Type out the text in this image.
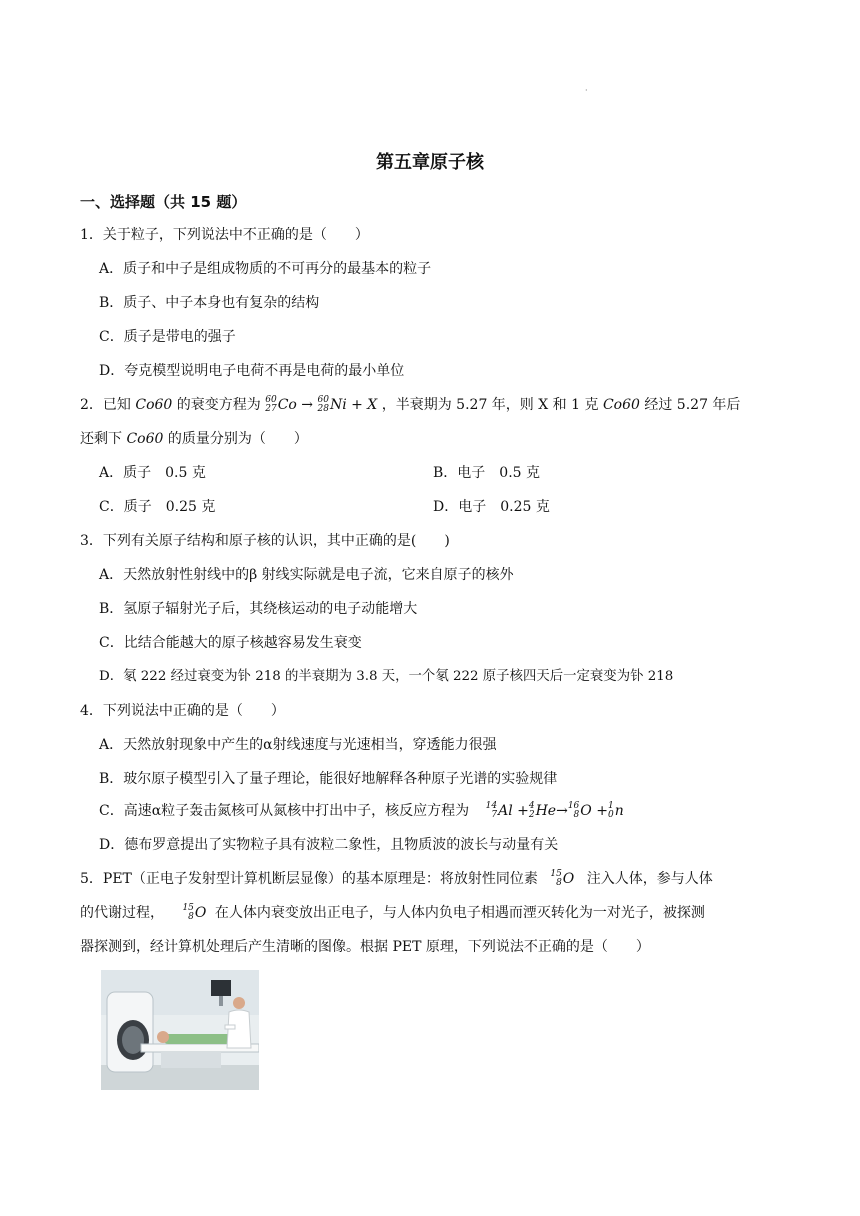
·
第五章原子核
一、选择题（共 15 题）
1．关于粒子，下列说法中不正确的是（　　）
A．质子和中子是组成物质的不可再分的最基本的粒子
B．质子、中子本身也有复杂的结构
C．质子是带电的强子
D．夸克模型说明电子电荷不再是电荷的最小单位
2．已知 Co60 的衰变方程为 60
27 Co → 60
28 Ni + X ，半衰期为 5.27 年，则 X 和 1 克 Co60 经过 5.27 年后
还剩下 Co60 的质量分别为（　　）
A．质子　0.5 克	B．电子　0.5 克
C．质子　0.25 克	D．电子　0.25 克
3．下列有关原子结构和原子核的认识，其中正确的是(　　)
A．天然放射性射线中的β 射线实际就是电子流，它来自原子的核外
B．氢原子辐射光子后，其绕核运动的电子动能增大
C．比结合能越大的原子核越容易发生衰变
D．氡 222 经过衰变为钋 218 的半衰期为 3.8 天，一个氡 222 原子核四天后一定衰变为钋 218
4．下列说法中正确的是（　　）
A．天然放射现象中产生的α射线速度与光速相当，穿透能力很强
B．玻尔原子模型引入了量子理论，能很好地解释各种原子光谱的实验规律
C．高速α粒子轰击氮核可从氮核中打出中子，核反应方程为 14
7 Al + 4
2 He→ 16
8 O + 1
0 n
D．德布罗意提出了实物粒子具有波粒二象性，且物质波的波长与动量有关
5．PET（正电子发射型计算机断层显像）的基本原理是：将放射性同位素 15
8 O 注入人体，参与人体
的代谢过程， 15
8 O 在人体内衰变放出正电子，与人体内负电子相遇而湮灭转化为一对光子，被探测
器探测到，经计算机处理后产生清晰的图像。根据 PET 原理，下列说法不正确的是（　　）
